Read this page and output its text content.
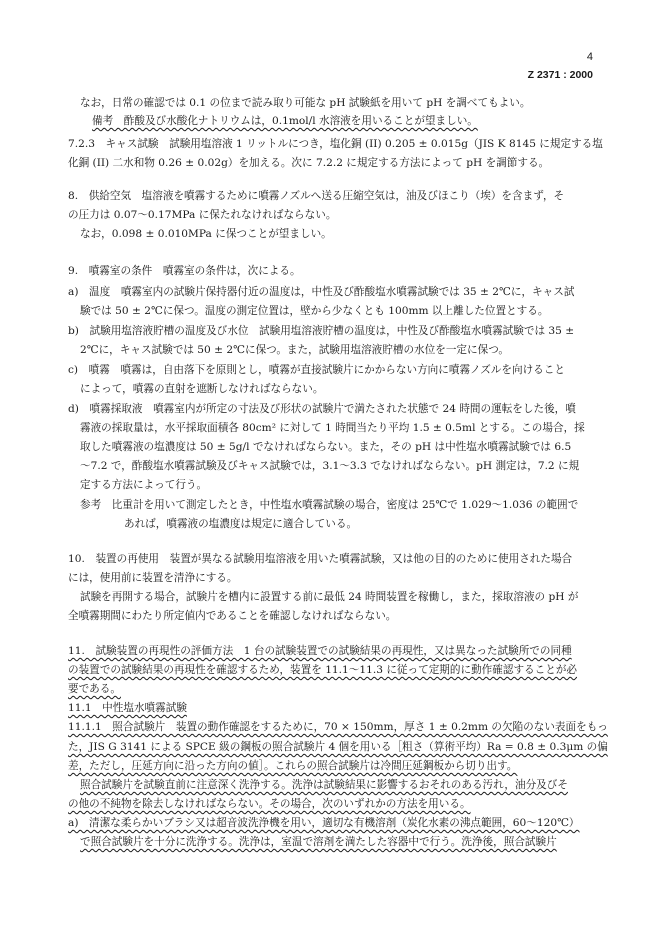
4
Z 2371 : 2000
なお，日常の確認では 0.1 の位まで読み取り可能な pH 試験紙を用いて pH を調べてもよい。
備考　酢酸及び水酸化ナトリウムは，0.1mol/l 水溶液を用いることが望ましい。
7.2.3　キャス試験　試験用塩溶液 1 リットルにつき，塩化銅 (II) 0.205 ± 0.015g（JIS K 8145 に規定する塩
化銅 (II) 二水和物 0.26 ± 0.02g）を加える。次に 7.2.2 に規定する方法によって pH を調節する。
8.　供給空気　塩溶液を噴霧するために噴霧ノズルへ送る圧縮空気は，油及びほこり（埃）を含まず，そ
の圧力は 0.07〜0.17MPa に保たれなければならない。
なお，0.098 ± 0.010MPa に保つことが望ましい。
9.　噴霧室の条件　噴霧室の条件は，次による。
a)　温度　噴霧室内の試験片保持器付近の温度は，中性及び酢酸塩水噴霧試験では 35 ± 2℃に，キャス試
験では 50 ± 2℃に保つ。温度の測定位置は，壁から少なくとも 100mm 以上離した位置とする。
b)　試験用塩溶液貯槽の温度及び水位　試験用塩溶液貯槽の温度は，中性及び酢酸塩水噴霧試験では 35 ±
2℃に，キャス試験では 50 ± 2℃に保つ。また，試験用塩溶液貯槽の水位を一定に保つ。
c)　噴霧　噴霧は，自由落下を原則とし，噴霧が直接試験片にかからない方向に噴霧ノズルを向けること
によって，噴霧の直射を遮断しなければならない。
d)　噴霧採取液　噴霧室内が所定の寸法及び形状の試験片で満たされた状態で 24 時間の運転をした後，噴
霧液の採取量は，水平採取面積各 80cm² に対して 1 時間当たり平均 1.5 ± 0.5ml とする。この場合，採
取した噴霧液の塩濃度は 50 ± 5g/l でなければならない。また，その pH は中性塩水噴霧試験では 6.5
〜7.2 で，酢酸塩水噴霧試験及びキャス試験では，3.1〜3.3 でなければならない。pH 測定は，7.2 に規
定する方法によって行う。
参考　比重計を用いて測定したとき，中性塩水噴霧試験の場合，密度は 25℃で 1.029〜1.036 の範囲で
あれば，噴霧液の塩濃度は規定に適合している。
10.　装置の再使用　装置が異なる試験用塩溶液を用いた噴霧試験，又は他の目的のために使用された場合
には，使用前に装置を清浄にする。
試験を再開する場合，試験片を槽内に設置する前に最低 24 時間装置を稼働し，また，採取溶液の pH が
全噴霧期間にわたり所定値内であることを確認しなければならない。
11.　試験装置の再現性の評価方法　1 台の試験装置での試験結果の再現性，又は異なった試験所での同種
の装置での試験結果の再現性を確認するため，装置を 11.1〜11.3 に従って定期的に動作確認することが必
要である。
11.1　中性塩水噴霧試験
11.1.1　照合試験片　装置の動作確認をするために，70 × 150mm，厚さ 1 ± 0.2mm の欠陥のない表面をもっ
た，JIS G 3141 による SPCE 級の鋼板の照合試験片 4 個を用いる［粗さ（算術平均）Ra = 0.8 ± 0.3μm の偏
差，ただし，圧延方向に沿った方向の値］。これらの照合試験片は冷間圧延鋼板から切り出す。
照合試験片を試験直前に注意深く洗浄する。洗浄は試験結果に影響するおそれのある汚れ，油分及びそ
の他の不純物を除去しなければならない。その場合，次のいずれかの方法を用いる。
a)　清潔な柔らかいブラシ又は超音波洗浄機を用い，適切な有機溶剤（炭化水素の沸点範囲，60〜120℃）
で照合試験片を十分に洗浄する。洗浄は，室温で溶剤を満たした容器中で行う。洗浄後，照合試験片
